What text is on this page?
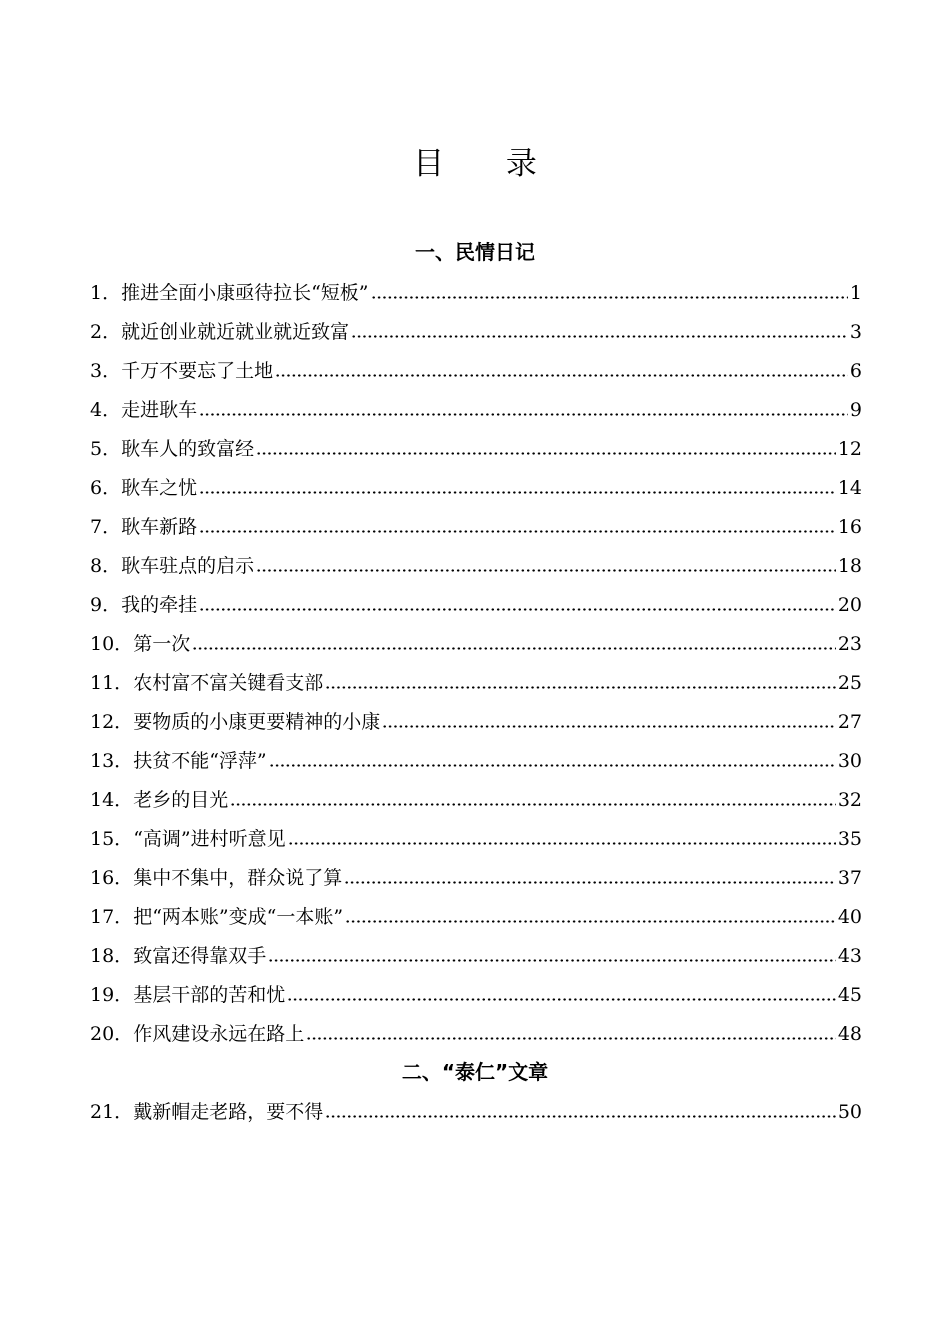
目 录
一、民情日记
1． 推进全面小康亟待拉长“短板”	1
2． 就近创业就近就业就近致富	3
3． 千万不要忘了土地	6
4． 走进耿车	9
5． 耿车人的致富经	12
6． 耿车之忧	14
7． 耿车新路	16
8． 耿车驻点的启示	18
9． 我的牵挂	20
10． 第一次	23
11． 农村富不富关键看支部	25
12． 要物质的小康更要精神的小康	27
13． 扶贫不能“浮萍”	30
14． 老乡的目光	32
15． “高调”进村听意见	35
16． 集中不集中，群众说了算	37
17． 把“两本账”变成“一本账”	40
18． 致富还得靠双手	43
19． 基层干部的苦和忧	45
20． 作风建设永远在路上	48
二、“泰仁”文章
21． 戴新帽走老路，要不得	50
